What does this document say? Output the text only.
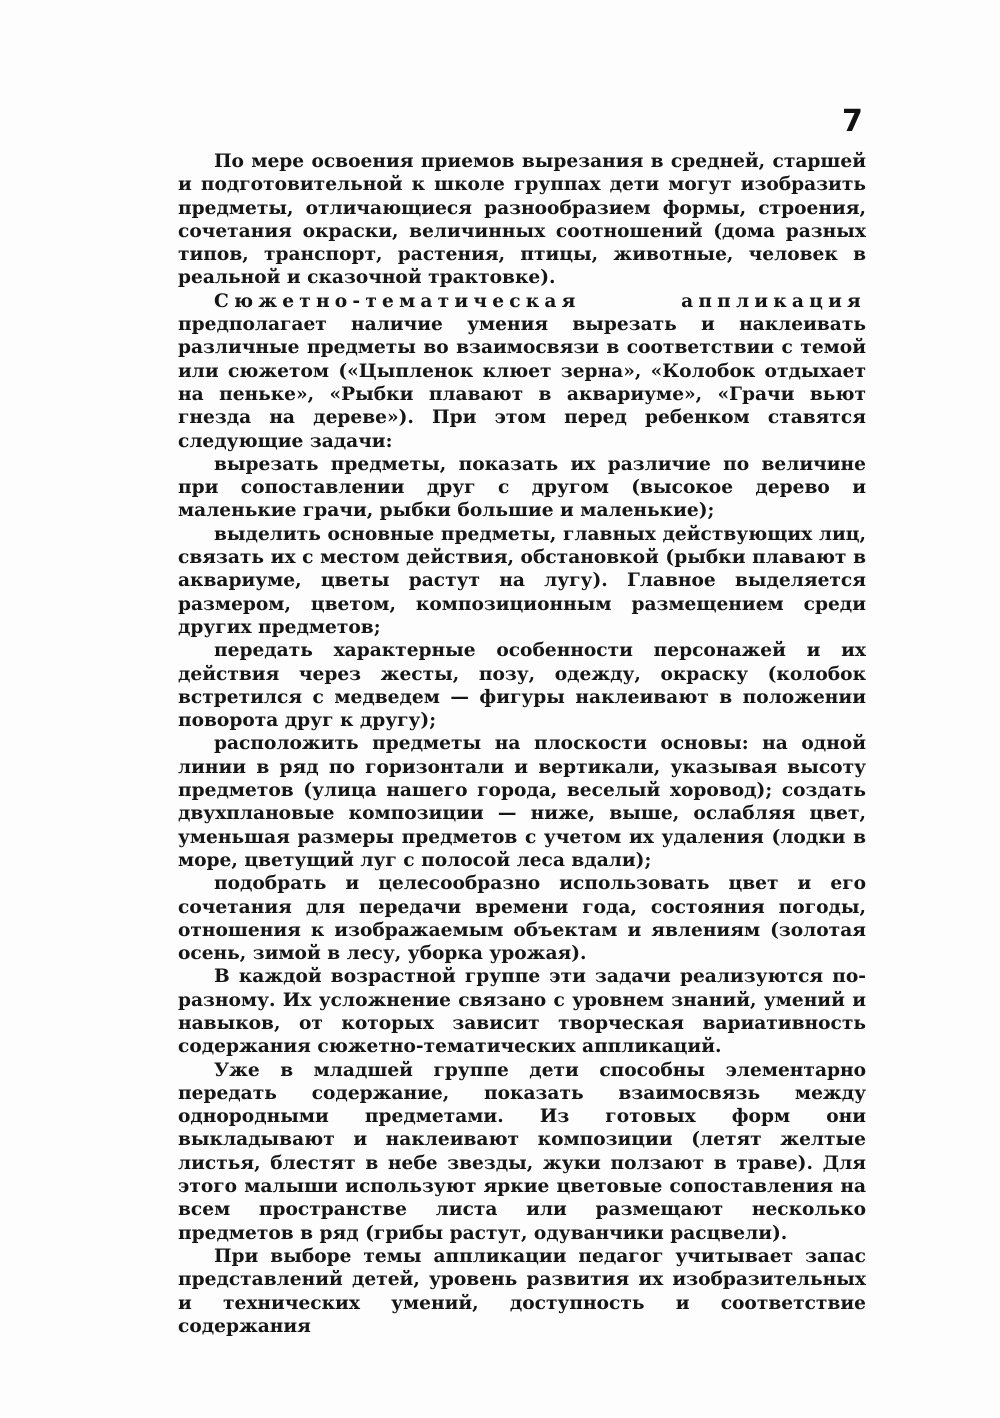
7

По мере освоения приемов вырезания в средней, старшей и подготовительной к школе группах дети могут изобразить предметы, отличающиеся разнообразием формы, строения, сочетания окраски, величинных соотношений (дома разных типов, транспорт, растения, птицы, животные, человек в реальной и сказочной трактовке).

Сюжетно-тематическая аппликация предполагает наличие умения вырезать и наклеивать различные предметы во взаимосвязи в соответствии с темой или сюжетом («Цыпленок клюет зерна», «Колобок отдыхает на пеньке», «Рыбки плавают в аквариуме», «Грачи вьют гнезда на дереве»). При этом перед ребенком ставятся следующие задачи:

вырезать предметы, показать их различие по величине при сопоставлении друг с другом (высокое дерево и маленькие грачи, рыбки большие и маленькие);

выделить основные предметы, главных действующих лиц, связать их с местом действия, обстановкой (рыбки плавают в аквариуме, цветы растут на лугу). Главное выделяется размером, цветом, композиционным размещением среди других предметов;

передать характерные особенности персонажей и их действия через жесты, позу, одежду, окраску (колобок встретился с медведем — фигуры наклеивают в положении поворота друг к другу);

расположить предметы на плоскости основы: на одной линии в ряд по горизонтали и вертикали, указывая высоту предметов (улица нашего города, веселый хоровод); создать двухплановые композиции — ниже, выше, ослабляя цвет, уменьшая размеры предметов с учетом их удаления (лодки в море, цветущий луг с полосой леса вдали);

подобрать и целесообразно использовать цвет и его сочетания для передачи времени года, состояния погоды, отношения к изображаемым объектам и явлениям (золотая осень, зимой в лесу, уборка урожая).

В каждой возрастной группе эти задачи реализуются по-разному. Их усложнение связано с уровнем знаний, умений и навыков, от которых зависит творческая вариативность содержания сюжетно-тематических аппликаций.

Уже в младшей группе дети способны элементарно передать содержание, показать взаимосвязь между однородными предметами. Из готовых форм они выкладывают и наклеивают композиции (летят желтые листья, блестят в небе звезды, жуки ползают в траве). Для этого малыши используют яркие цветовые сопоставления на всем пространстве листа или размещают несколько предметов в ряд (грибы растут, одуванчики расцвели).

При выборе темы аппликации педагог учитывает запас представлений детей, уровень развития их изобразительных и технических умений, доступность и соответствие содержания
